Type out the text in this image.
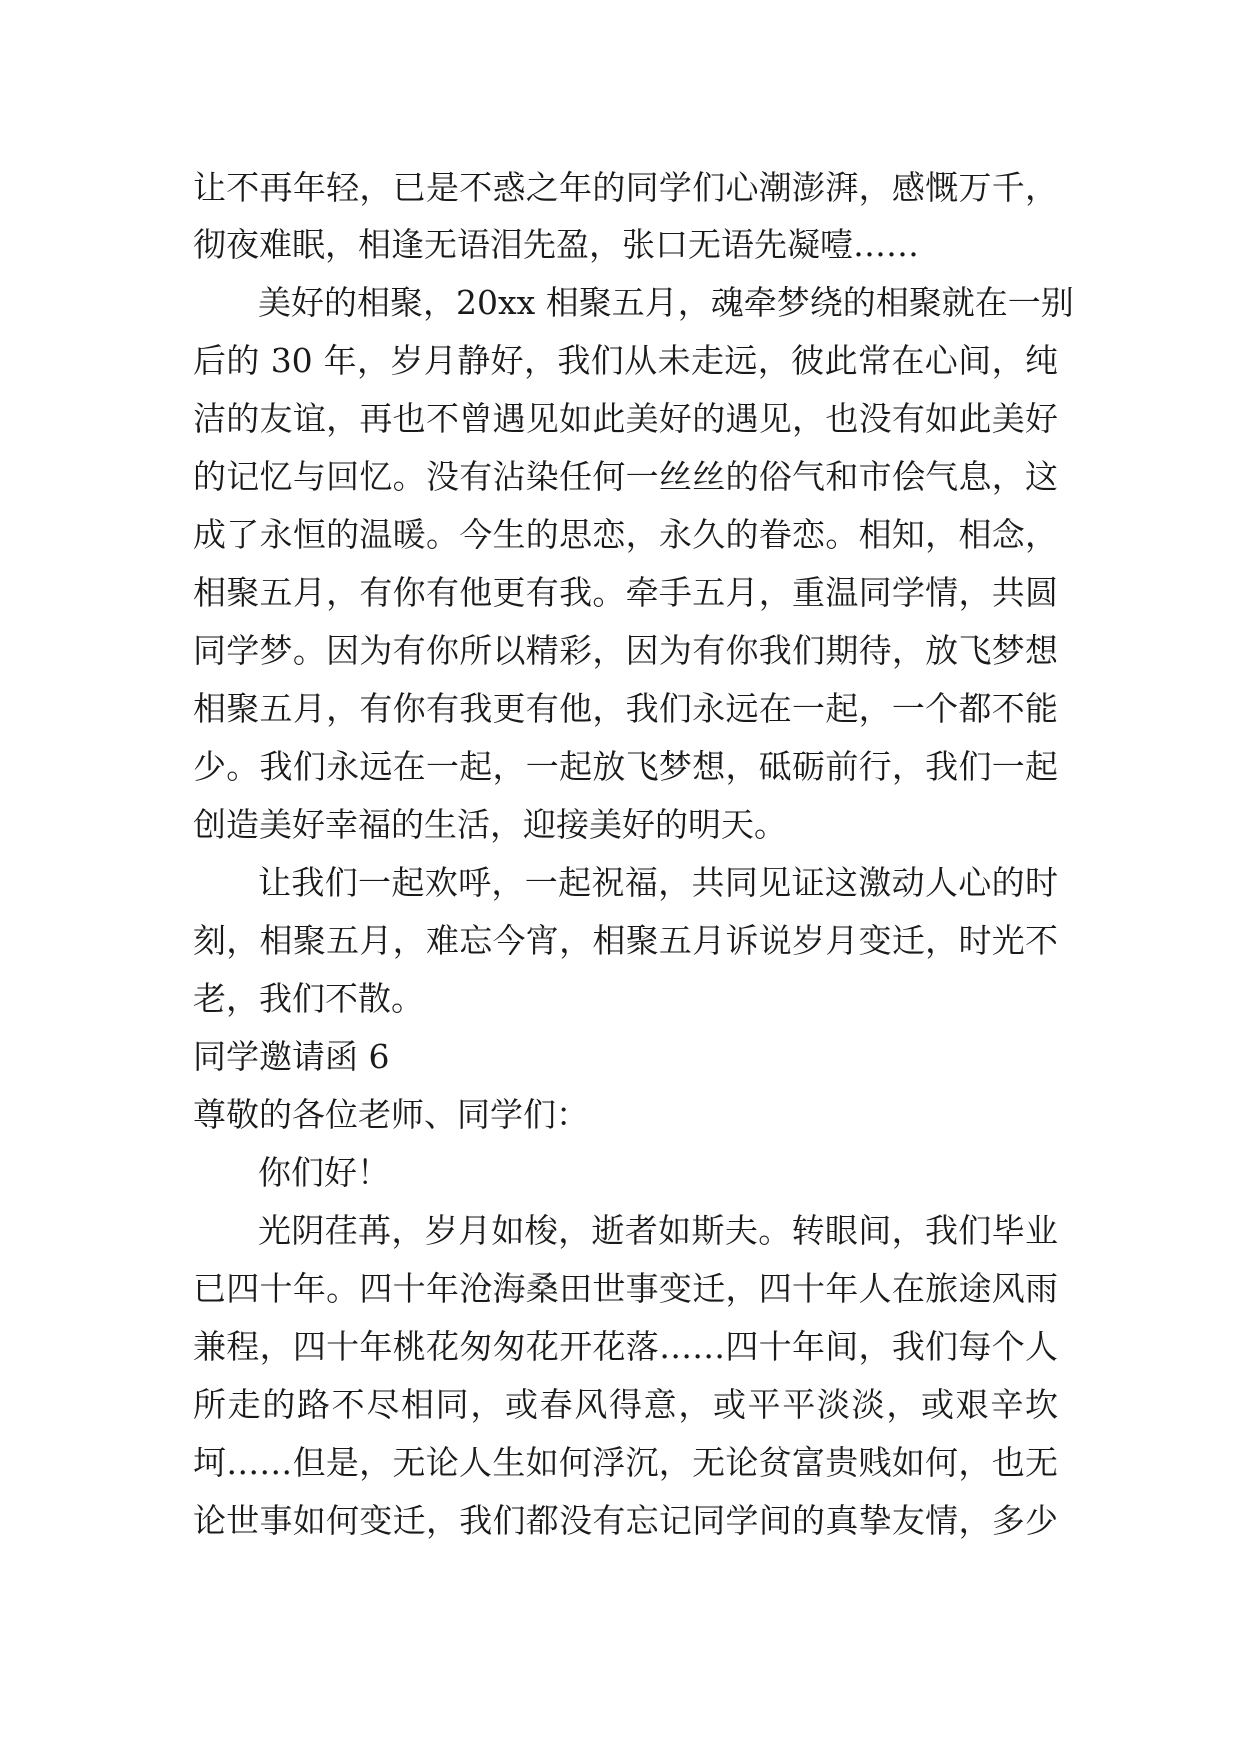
让不再年轻，已是不惑之年的同学们心潮澎湃，感慨万千，
彻夜难眠，相逢无语泪先盈，张口无语先凝噎……
美好的相聚，20xx 相聚五月，魂牵梦绕的相聚就在一别
后的 30 年，岁月静好，我们从未走远，彼此常在心间，纯
洁的友谊，再也不曾遇见如此美好的遇见，也没有如此美好
的记忆与回忆。没有沾染任何一丝丝的俗气和市侩气息，这
成了永恒的温暖。今生的思恋，永久的眷恋。相知，相念，
相聚五月，有你有他更有我。牵手五月，重温同学情，共圆
同学梦。因为有你所以精彩，因为有你我们期待，放飞梦想
相聚五月，有你有我更有他，我们永远在一起，一个都不能
少。我们永远在一起，一起放飞梦想，砥砺前行，我们一起
创造美好幸福的生活，迎接美好的明天。
让我们一起欢呼，一起祝福，共同见证这激动人心的时
刻，相聚五月，难忘今宵，相聚五月诉说岁月变迁，时光不
老，我们不散。
同学邀请函 6
尊敬的各位老师、同学们：
你们好！
光阴荏苒，岁月如梭，逝者如斯夫。转眼间，我们毕业
已四十年。四十年沧海桑田世事变迁，四十年人在旅途风雨
兼程，四十年桃花匆匆花开花落……四十年间，我们每个人
所走的路不尽相同，或春风得意，或平平淡淡，或艰辛坎
坷……但是，无论人生如何浮沉，无论贫富贵贱如何，也无
论世事如何变迁，我们都没有忘记同学间的真挚友情，多少
